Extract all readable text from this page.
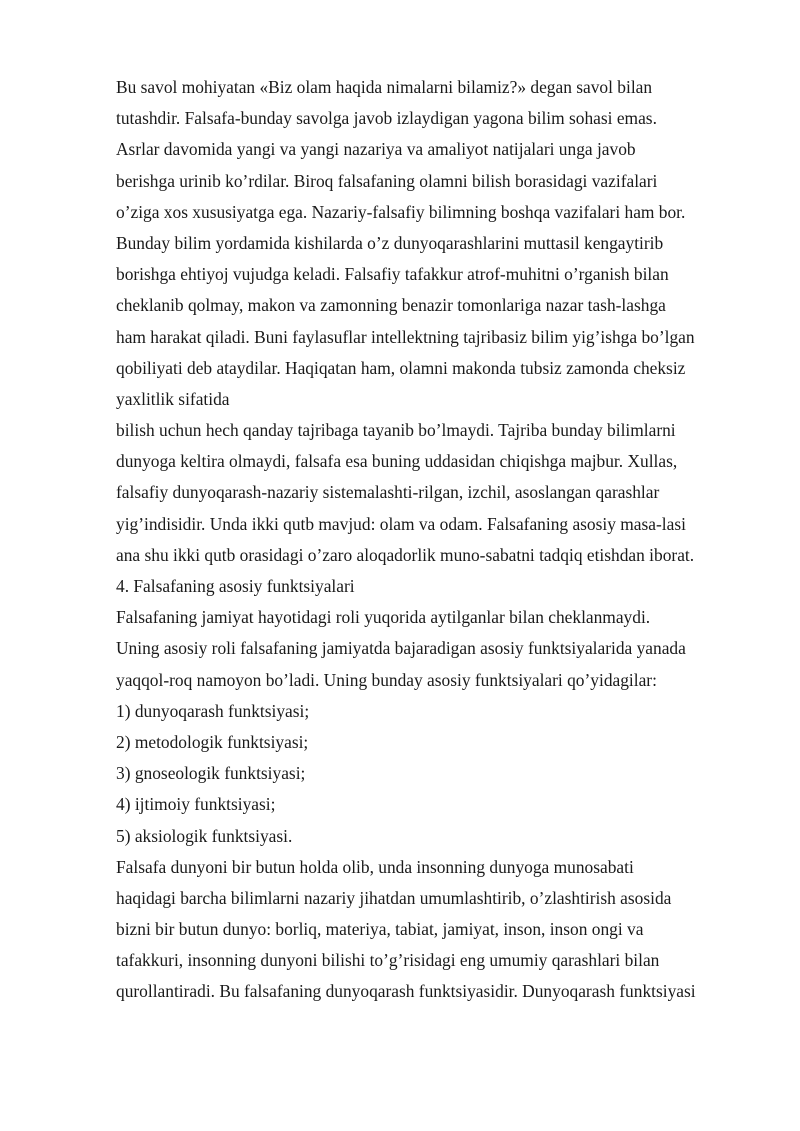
Bu savol mohiyatan «Biz olam haqida nimalarni bilamiz?» degan savol bilan
tutashdir. Falsafa-bunday savolga javob izlaydigan yagona bilim sohasi emas.
Asrlar davomida yangi va yangi nazariya va amaliyot natijalari unga javob
berishga urinib ko’rdilar. Biroq falsafaning olamni bilish borasidagi vazifalari
o’ziga xos xususiyatga ega. Nazariy-falsafiy bilimning boshqa vazifalari ham bor.
Bunday bilim yordamida kishilarda o’z dunyoqarashlarini muttasil kengaytirib
borishga ehtiyoj vujudga keladi. Falsafiy tafakkur atrof-muhitni o’rganish bilan
cheklanib qolmay, makon va zamonning benazir tomonlariga nazar tash-lashga
ham harakat qiladi. Buni faylasuflar intellektning tajribasiz bilim yig’ishga bo’lgan
qobiliyati deb ataydilar. Haqiqatan ham, olamni makonda tubsiz zamonda cheksiz
yaxlitlik sifatida
bilish uchun hech qanday tajribaga tayanib bo’lmaydi. Tajriba bunday bilimlarni
dunyoga keltira olmaydi, falsafa esa buning uddasidan chiqishga majbur. Xullas,
falsafiy dunyoqarash-nazariy sistemalashti-rilgan, izchil, asoslangan qarashlar
yig’indisidir. Unda ikki qutb mavjud: olam va odam. Falsafaning asosiy masa-lasi
ana shu ikki qutb orasidagi o’zaro aloqadorlik muno-sabatni tadqiq etishdan iborat.
4. Falsafaning asosiy funktsiyalari
Falsafaning jamiyat hayotidagi roli yuqorida aytilganlar bilan cheklanmaydi.
Uning asosiy roli falsafaning jamiyatda bajaradigan asosiy funktsiyalarida yanada
yaqqol-roq namoyon bo’ladi. Uning bunday asosiy funktsiyalari qo’yidagilar:
1) dunyoqarash funktsiyasi;
2) metodologik funktsiyasi;
3) gnoseologik funktsiyasi;
4) ijtimoiy funktsiyasi;
5) aksiologik funktsiyasi.
Falsafa dunyoni bir butun holda olib, unda insonning dunyoga munosabati
haqidagi barcha bilimlarni nazariy jihatdan umumlashtirib, o’zlashtirish asosida
bizni bir butun dunyo: borliq, materiya, tabiat, jamiyat, inson, inson ongi va
tafakkuri, insonning dunyoni bilishi to’g’risidagi eng umumiy qarashlari bilan
qurollantiradi. Bu falsafaning dunyoqarash funktsiyasidir. Dunyoqarash funktsiyasi
